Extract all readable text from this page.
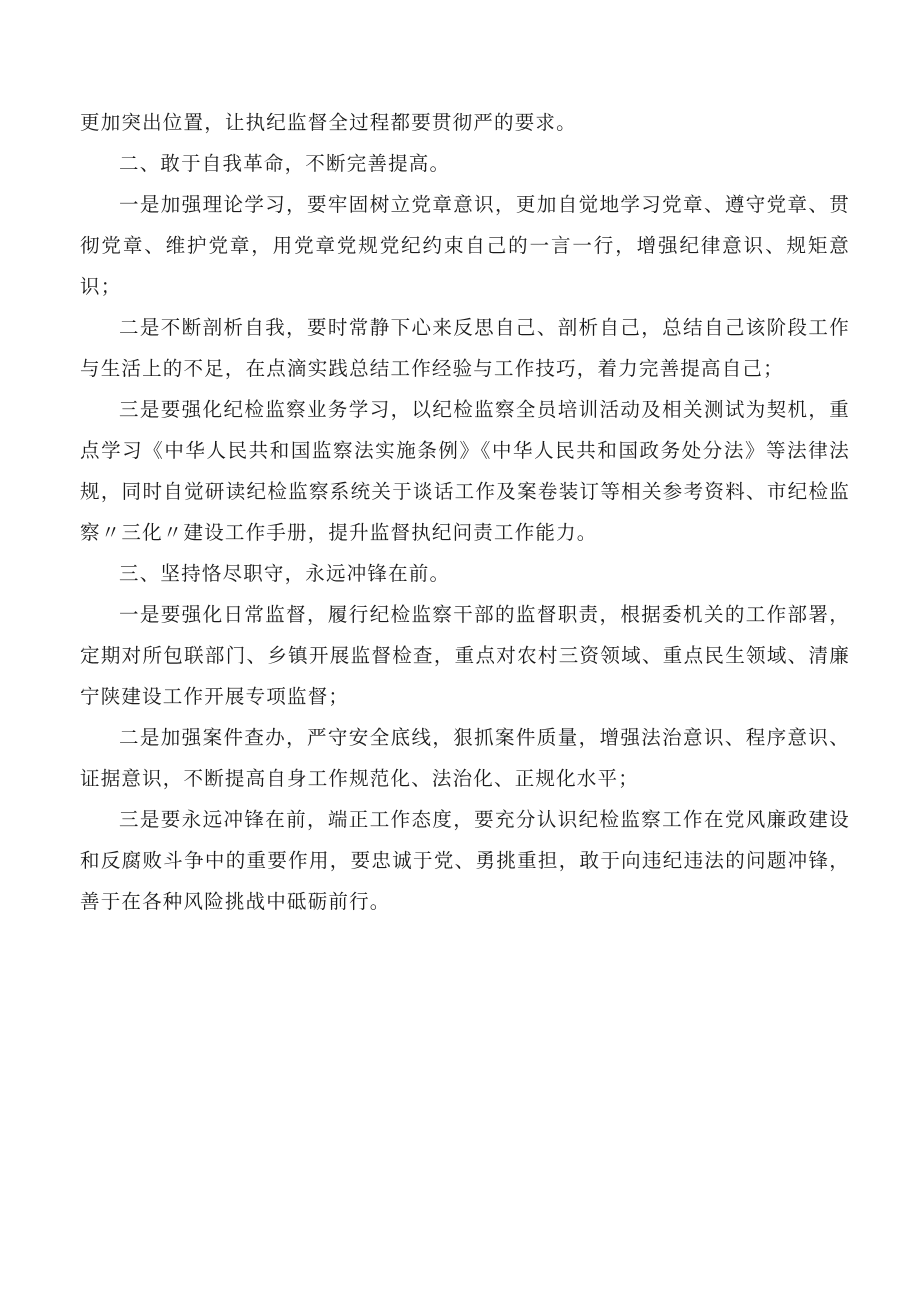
更加突出位置，让执纪监督全过程都要贯彻严的要求。

二、敢于自我革命，不断完善提高。

一是加强理论学习，要牢固树立党章意识，更加自觉地学习党章、遵守党章、贯彻党章、维护党章，用党章党规党纪约束自己的一言一行，增强纪律意识、规矩意识；

二是不断剖析自我，要时常静下心来反思自己、剖析自己，总结自己该阶段工作与生活上的不足，在点滴实践总结工作经验与工作技巧，着力完善提高自己；

三是要强化纪检监察业务学习，以纪检监察全员培训活动及相关测试为契机，重点学习《中华人民共和国监察法实施条例》《中华人民共和国政务处分法》等法律法规，同时自觉研读纪检监察系统关于谈话工作及案卷装订等相关参考资料、市纪检监察〃三化〃建设工作手册，提升监督执纪问责工作能力。

三、坚持恪尽职守，永远冲锋在前。

一是要强化日常监督，履行纪检监察干部的监督职责，根据委机关的工作部署，定期对所包联部门、乡镇开展监督检查，重点对农村三资领域、重点民生领域、清廉宁陕建设工作开展专项监督；

二是加强案件查办，严守安全底线，狠抓案件质量，增强法治意识、程序意识、证据意识，不断提高自身工作规范化、法治化、正规化水平；

三是要永远冲锋在前，端正工作态度，要充分认识纪检监察工作在党风廉政建设和反腐败斗争中的重要作用，要忠诚于党、勇挑重担，敢于向违纪违法的问题冲锋，善于在各种风险挑战中砥砺前行。
